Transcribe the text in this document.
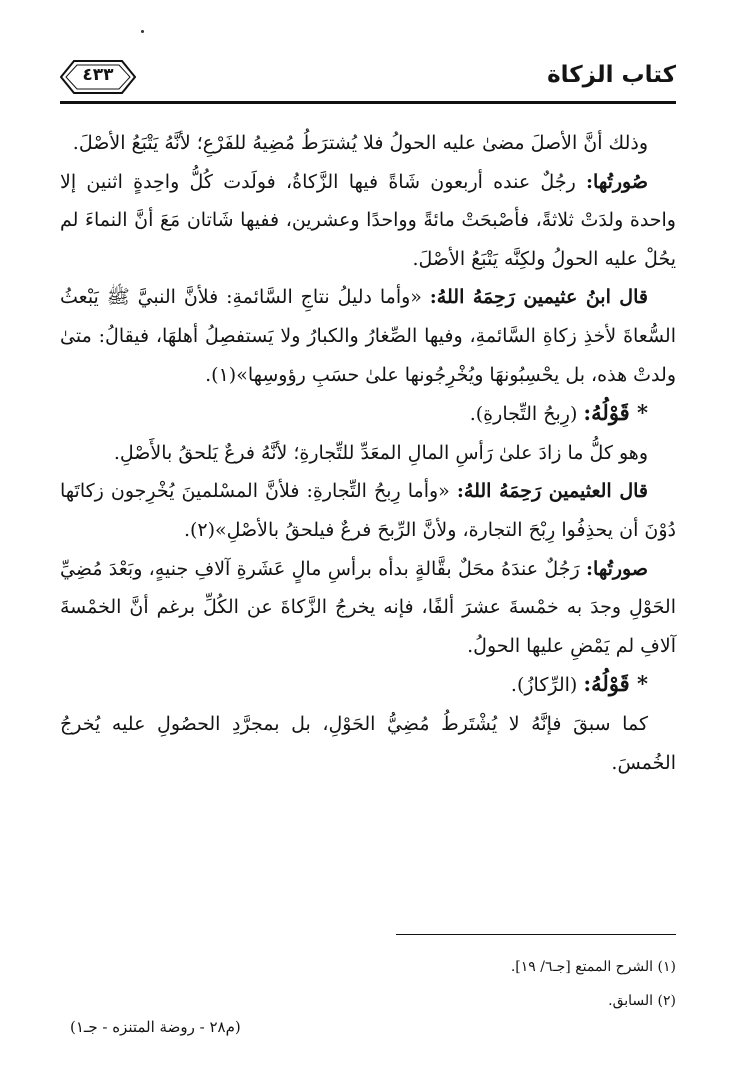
كتاب الزكاة
٤٣٣

وذلك أنَّ الأصلَ مضىٰ عليه الحولُ فلا يُشترَطُ مُضِيهُ للفَرْعِ؛ لأنَّهُ يَتْبَعُ الأصْلَ.

صُورتُها: رجُلٌ عنده أربعون شَاةً فيها الزَّكاةُ، فولَدت كُلُّ واحِدةٍ اثنين إلا واحدة ولدَتْ ثلاثةً، فأصْبحَتْ مائةً وواحدًا وعشرين، ففيها شَاتان مَعَ أنَّ النماءَ لم يحُلْ عليه الحولُ ولكِنَّه يَتْبَعُ الأصْلَ.

قال ابنُ عثيمين رَحِمَهُ اللهُ: «وأما دليلُ نتاجِ السَّائمةِ: فلأنَّ النبيَّ ﷺ يَبْعثُ السُّعاةَ لأخذِ زكاةِ السَّائمةِ، وفيها الصِّغارُ والكبارُ ولا يَستفصِلُ أهلهَا، فيقالُ: متىٰ ولدتْ هذه، بل يحْسِبُونهَا ويُخْرِجُونها علىٰ حسَبِ رؤوسِها»(١).

* قَوْلُهُ: (رِبحُ التِّجارةِ).

وهو كلُّ ما زادَ علىٰ رَأسِ المالِ المعَدِّ للتِّجارةِ؛ لأنَّهُ فرعٌ يَلحقُ بالأَصْلِ.

قال العثيمين رَحِمَهُ اللهُ: «وأما رِبحُ التِّجارةِ: فلأنَّ المسْلمينَ يُخْرِجون زكاتَها دُوْنَ أن يحذِفُوا رِبْحَ التجارة، ولأنَّ الرِّبحَ فرعٌ فيلحقُ بالأصْلِ»(٢).

صورتُها: رَجُلٌ عندَهُ محَلٌ بقَّالةٍ بدأه برأسِ مالٍ عَشَرةِ آلافِ جنيهٍ، وبَعْدَ مُضِيِّ الحَوْلِ وجدَ به خمْسةَ عشرَ ألفًا، فإنه يخرجُ الزَّكاةَ عن الكُلِّ برغم أنَّ الخمْسةَ آلافِ لم يَمْضِ عليها الحولُ.

* قَوْلُهُ: (الرِّكازُ).

كما سبقَ فإنَّهُ لا يُشْتَرطُ مُضِيُّ الحَوْلِ، بل بمجرَّدِ الحصُولِ عليه يُخرجُ الخُمسَ.

(١) الشرح الممتع [جـ٦/ ١٩].
(٢) السابق.
(م٢٨ - روضة المتنزه - جـ١)
